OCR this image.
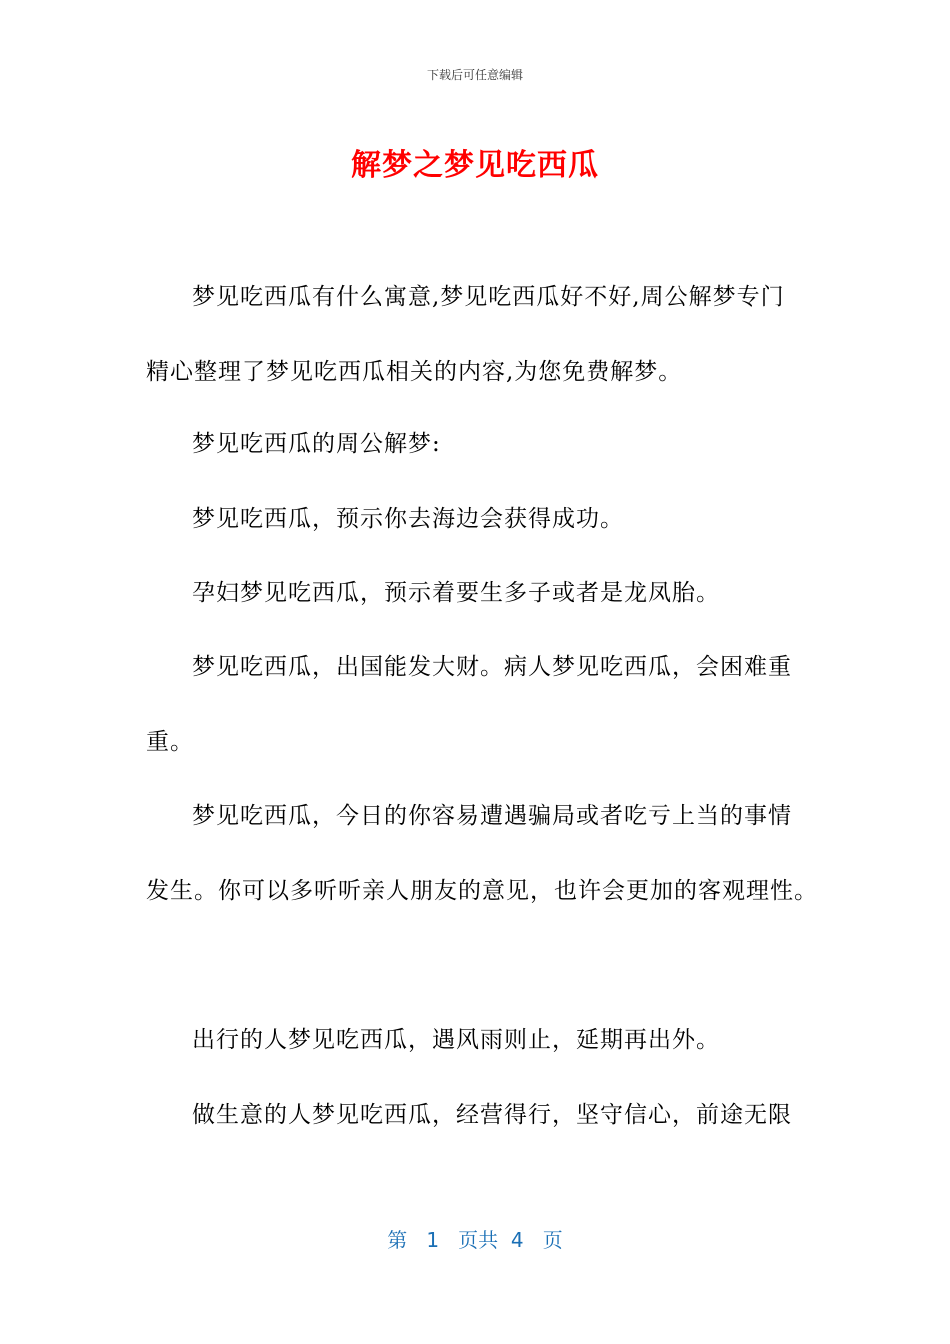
下载后可任意编辑
解梦之梦见吃西瓜
梦见吃西瓜有什么寓意,梦见吃西瓜好不好,周公解梦专门
精心整理了梦见吃西瓜相关的内容,为您免费解梦。
梦见吃西瓜的周公解梦:
梦见吃西瓜，预示你去海边会获得成功。
孕妇梦见吃西瓜，预示着要生多子或者是龙凤胎。
梦见吃西瓜，出国能发大财。病人梦见吃西瓜，会困难重
重。
梦见吃西瓜，今日的你容易遭遇骗局或者吃亏上当的事情
发生。你可以多听听亲人朋友的意见，也许会更加的客观理性。
出行的人梦见吃西瓜，遇风雨则止，延期再出外。
做生意的人梦见吃西瓜，经营得行，坚守信心，前途无限
第 1 页共 4 页
